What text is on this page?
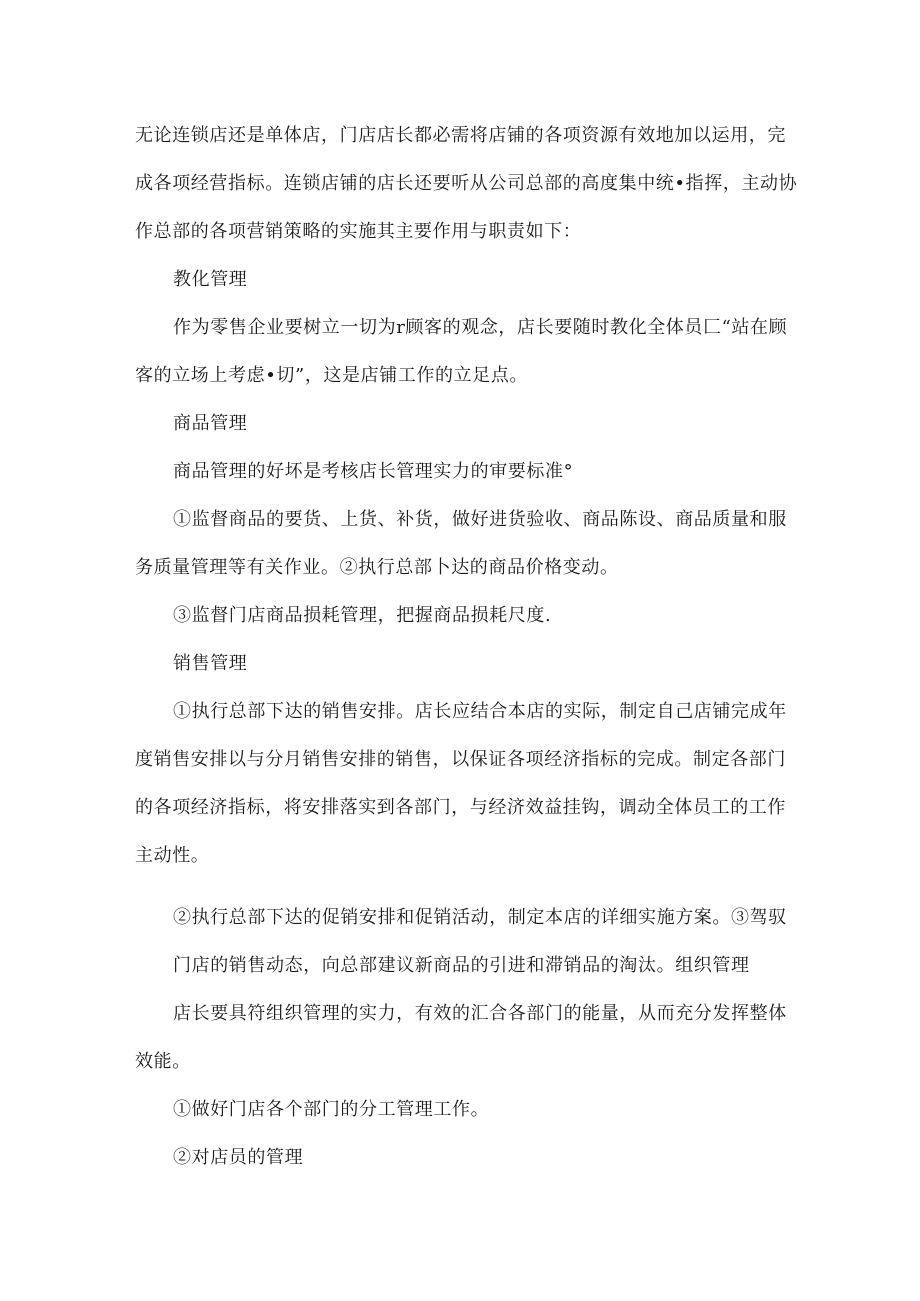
无论连锁店还是单体店，门店店长都必需将店铺的各项资源有效地加以运用，完
成各项经营指标。连锁店铺的店长还要听从公司总部的高度集中统•指挥，主动协
作总部的各项营销策略的实施其主要作用与职责如下：

教化管理

作为零售企业要树立一切为r顾客的观念，店长要随时教化全体员匚“站在顾
客的立场上考虑•切”，这是店铺工作的立足点。

商品管理

商品管理的好坏是考核店长管理实力的审要标准°

①监督商品的要货、上货、补货，做好进货验收、商品陈设、商品质量和服
务质量管理等有关作业。②执行总部卜达的商品价格变动。

③监督门店商品损耗管理，把握商品损耗尺度.

销售管理

①执行总部下达的销售安排。店长应结合本店的实际，制定自己店铺完成年
度销售安排以与分月销售安排的销售，以保证各项经济指标的完成。制定各部门
的各项经济指标，将安排落实到各部门，与经济效益挂钩，调动全体员工的工作
主动性。

②执行总部下达的促销安排和促销活动，制定本店的详细实施方案。③驾驭
门店的销售动态，向总部建议新商品的引进和滞销品的淘汰。组织管理

店长要具符组织管理的实力，有效的汇合各部门的能量，从而充分发挥整体
效能。

①做好门店各个部门的分工管理工作。

②对店员的管理
